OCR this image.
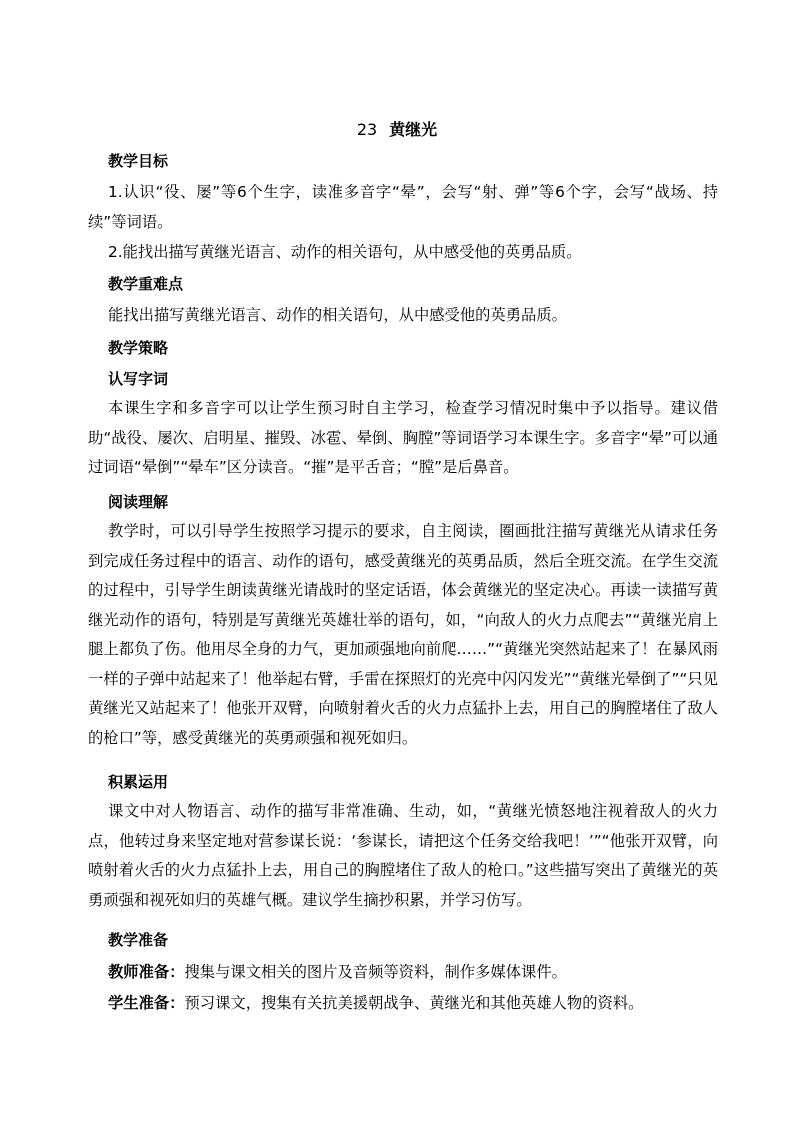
23 黄继光
教学目标
1.认识“役、屡”等6个生字，读准多音字“晕”，会写“射、弹”等6个字，会写“战场、持续”等词语。
2.能找出描写黄继光语言、动作的相关语句，从中感受他的英勇品质。
教学重难点
能找出描写黄继光语言、动作的相关语句，从中感受他的英勇品质。
教学策略
认写字词
本课生字和多音字可以让学生预习时自主学习，检查学习情况时集中予以指导。建议借助“战役、屡次、启明星、摧毁、冰雹、晕倒、胸膛”等词语学习本课生字。多音字“晕”可以通过词语“晕倒”“晕车”区分读音。“摧”是平舌音；“膛”是后鼻音。
阅读理解
教学时，可以引导学生按照学习提示的要求，自主阅读，圈画批注描写黄继光从请求任务到完成任务过程中的语言、动作的语句，感受黄继光的英勇品质，然后全班交流。在学生交流的过程中，引导学生朗读黄继光请战时的坚定话语，体会黄继光的坚定决心。再读一读描写黄继光动作的语句，特别是写黄继光英雄壮举的语句，如，“向敌人的火力点爬去”“黄继光肩上腿上都负了伤。他用尽全身的力气，更加顽强地向前爬……”“黄继光突然站起来了！在暴风雨一样的子弹中站起来了！他举起右臂，手雷在探照灯的光亮中闪闪发光”“黄继光晕倒了”“只见黄继光又站起来了！他张开双臂，向喷射着火舌的火力点猛扑上去，用自己的胸膛堵住了敌人的枪口”等，感受黄继光的英勇顽强和视死如归。
积累运用
课文中对人物语言、动作的描写非常准确、生动，如，“黄继光愤怒地注视着敌人的火力点，他转过身来坚定地对营参谋长说：‘参谋长，请把这个任务交给我吧！’”“他张开双臂，向喷射着火舌的火力点猛扑上去，用自己的胸膛堵住了敌人的枪口。”这些描写突出了黄继光的英勇顽强和视死如归的英雄气概。建议学生摘抄积累，并学习仿写。
教学准备
教师准备：搜集与课文相关的图片及音频等资料，制作多媒体课件。
学生准备：预习课文，搜集有关抗美援朝战争、黄继光和其他英雄人物的资料。
